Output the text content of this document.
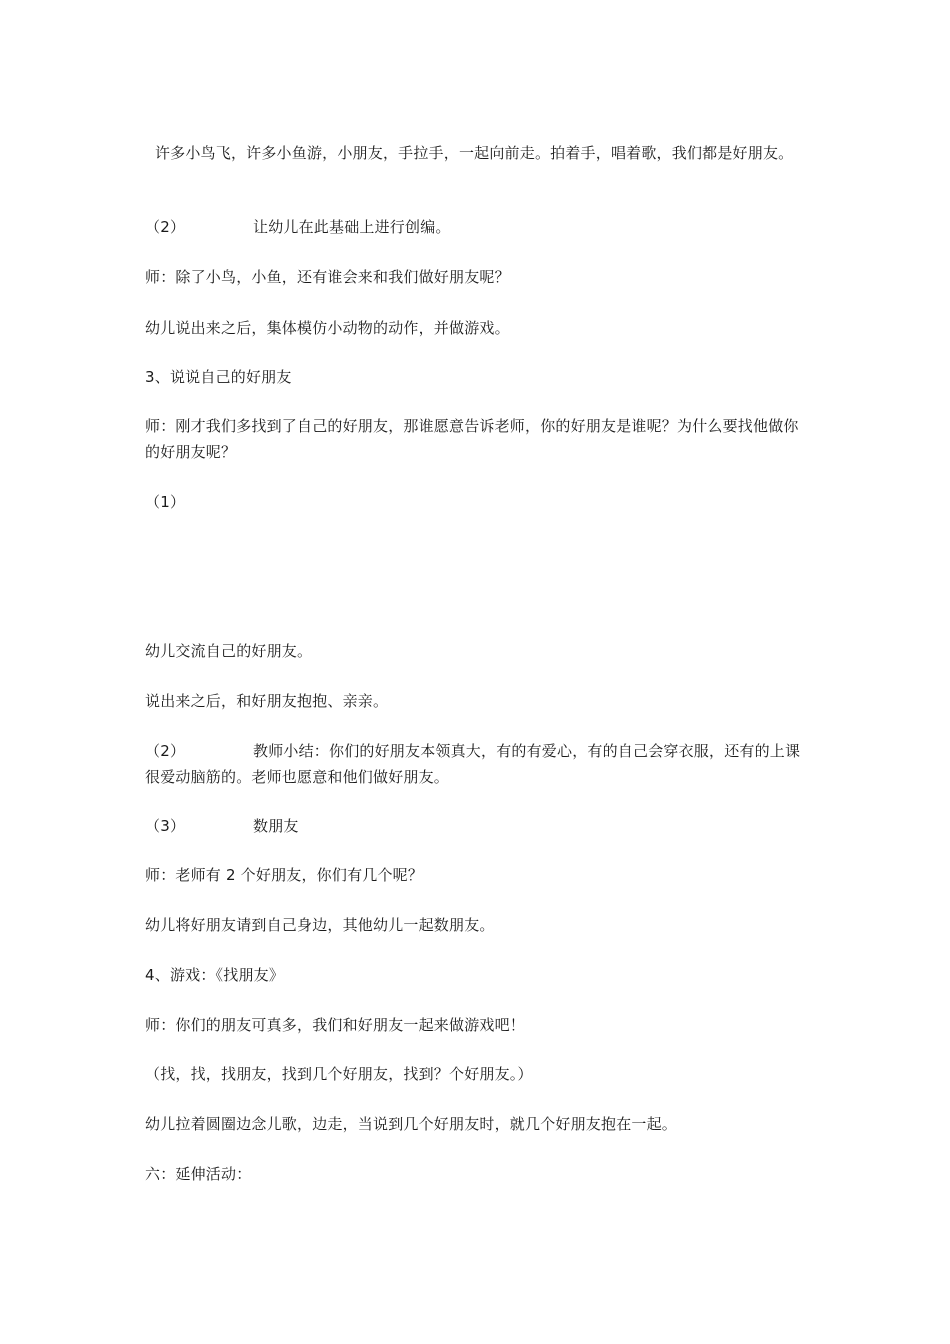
许多小鸟飞，许多小鱼游，小朋友，手拉手，一起向前走。拍着手，唱着歌，我们都是好朋友。
（2）	让幼儿在此基础上进行创编。
师：除了小鸟，小鱼，还有谁会来和我们做好朋友呢？
幼儿说出来之后，集体模仿小动物的动作，并做游戏。
3、说说自己的好朋友
师：刚才我们多找到了自己的好朋友，那谁愿意告诉老师，你的好朋友是谁呢？为什么要找他做你的好朋友呢？
（1）
幼儿交流自己的好朋友。
说出来之后，和好朋友抱抱、亲亲。
（2）	教师小结：你们的好朋友本领真大，有的有爱心，有的自己会穿衣服，还有的上课很爱动脑筋的。老师也愿意和他们做好朋友。
（3）	数朋友
师：老师有 2 个好朋友，你们有几个呢？
幼儿将好朋友请到自己身边，其他幼儿一起数朋友。
4、游戏：《找朋友》
师：你们的朋友可真多，我们和好朋友一起来做游戏吧！
（找，找，找朋友，找到几个好朋友，找到？个好朋友。）
幼儿拉着圆圈边念儿歌，边走，当说到几个好朋友时，就几个好朋友抱在一起。
六：延伸活动：
